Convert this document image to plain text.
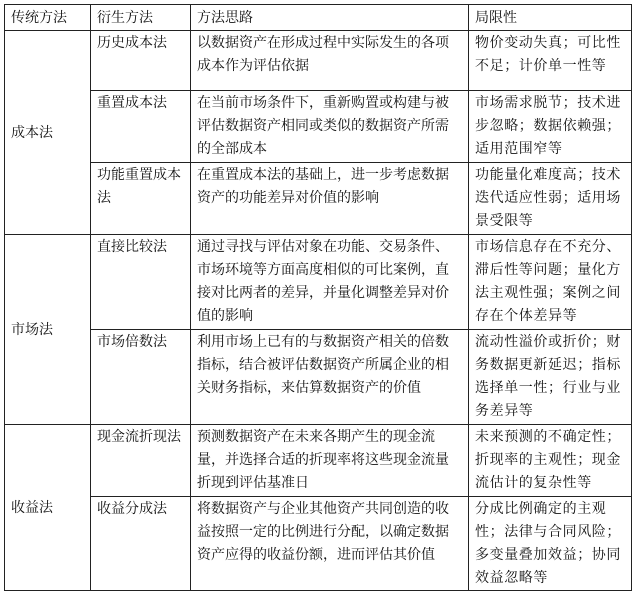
传统方法	衍生方法	方法思路	局限性
成本法	历史成本法	以数据资产在形成过程中实际发生的各项成本作为评估依据	物价变动失真；可比性不足；计价单一性等
	重置成本法	在当前市场条件下，重新购置或构建与被评估数据资产相同或类似的数据资产所需的全部成本	市场需求脱节；技术进步忽略；数据依赖强；适用范围窄等
	功能重置成本法	在重置成本法的基础上，进一步考虑数据资产的功能差异对价值的影响	功能量化难度高；技术迭代适应性弱；适用场景受限等
市场法	直接比较法	通过寻找与评估对象在功能、交易条件、市场环境等方面高度相似的可比案例，直接对比两者的差异，并量化调整差异对价值的影响	市场信息存在不充分、滞后性等问题；量化方法主观性强；案例之间存在个体差异等
	市场倍数法	利用市场上已有的与数据资产相关的倍数指标，结合被评估数据资产所属企业的相关财务指标，来估算数据资产的价值	流动性溢价或折价；财务数据更新延迟；指标选择单一性；行业与业务差异等
收益法	现金流折现法	预测数据资产在未来各期产生的现金流量，并选择合适的折现率将这些现金流量折现到评估基准日	未来预测的不确定性；折现率的主观性；现金流估计的复杂性等
	收益分成法	将数据资产与企业其他资产共同创造的收益按照一定的比例进行分配，以确定数据资产应得的收益份额，进而评估其价值	分成比例确定的主观性；法律与合同风险；多变量叠加效益；协同效益忽略等
